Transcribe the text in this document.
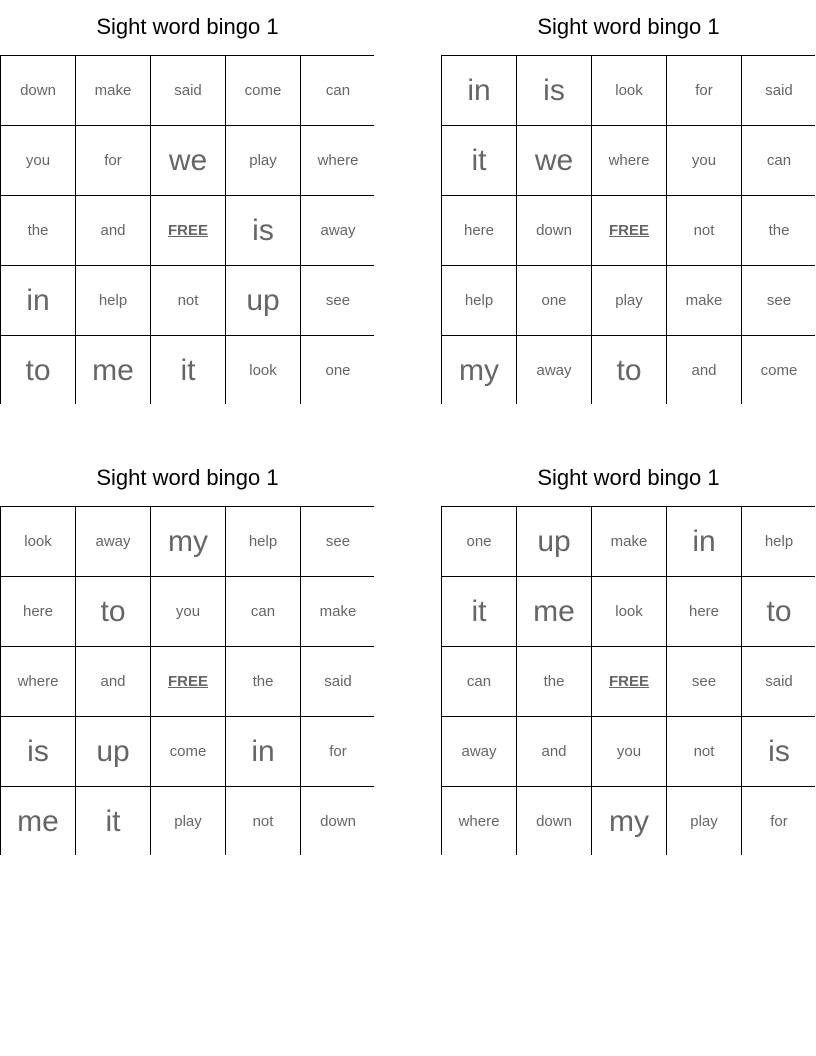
Sight word bingo 1
down	make	said	come	can
you	for	we	play	where
the	and	FREE	is	away
in	help	not	up	see
to	me	it	look	one
Sight word bingo 1
in	is	look	for	said
it	we	where	you	can
here	down	FREE	not	the
help	one	play	make	see
my	away	to	and	come
Sight word bingo 1
look	away	my	help	see
here	to	you	can	make
where	and	FREE	the	said
is	up	come	in	for
me	it	play	not	down
Sight word bingo 1
one	up	make	in	help
it	me	look	here	to
can	the	FREE	see	said
away	and	you	not	is
where	down	my	play	for
